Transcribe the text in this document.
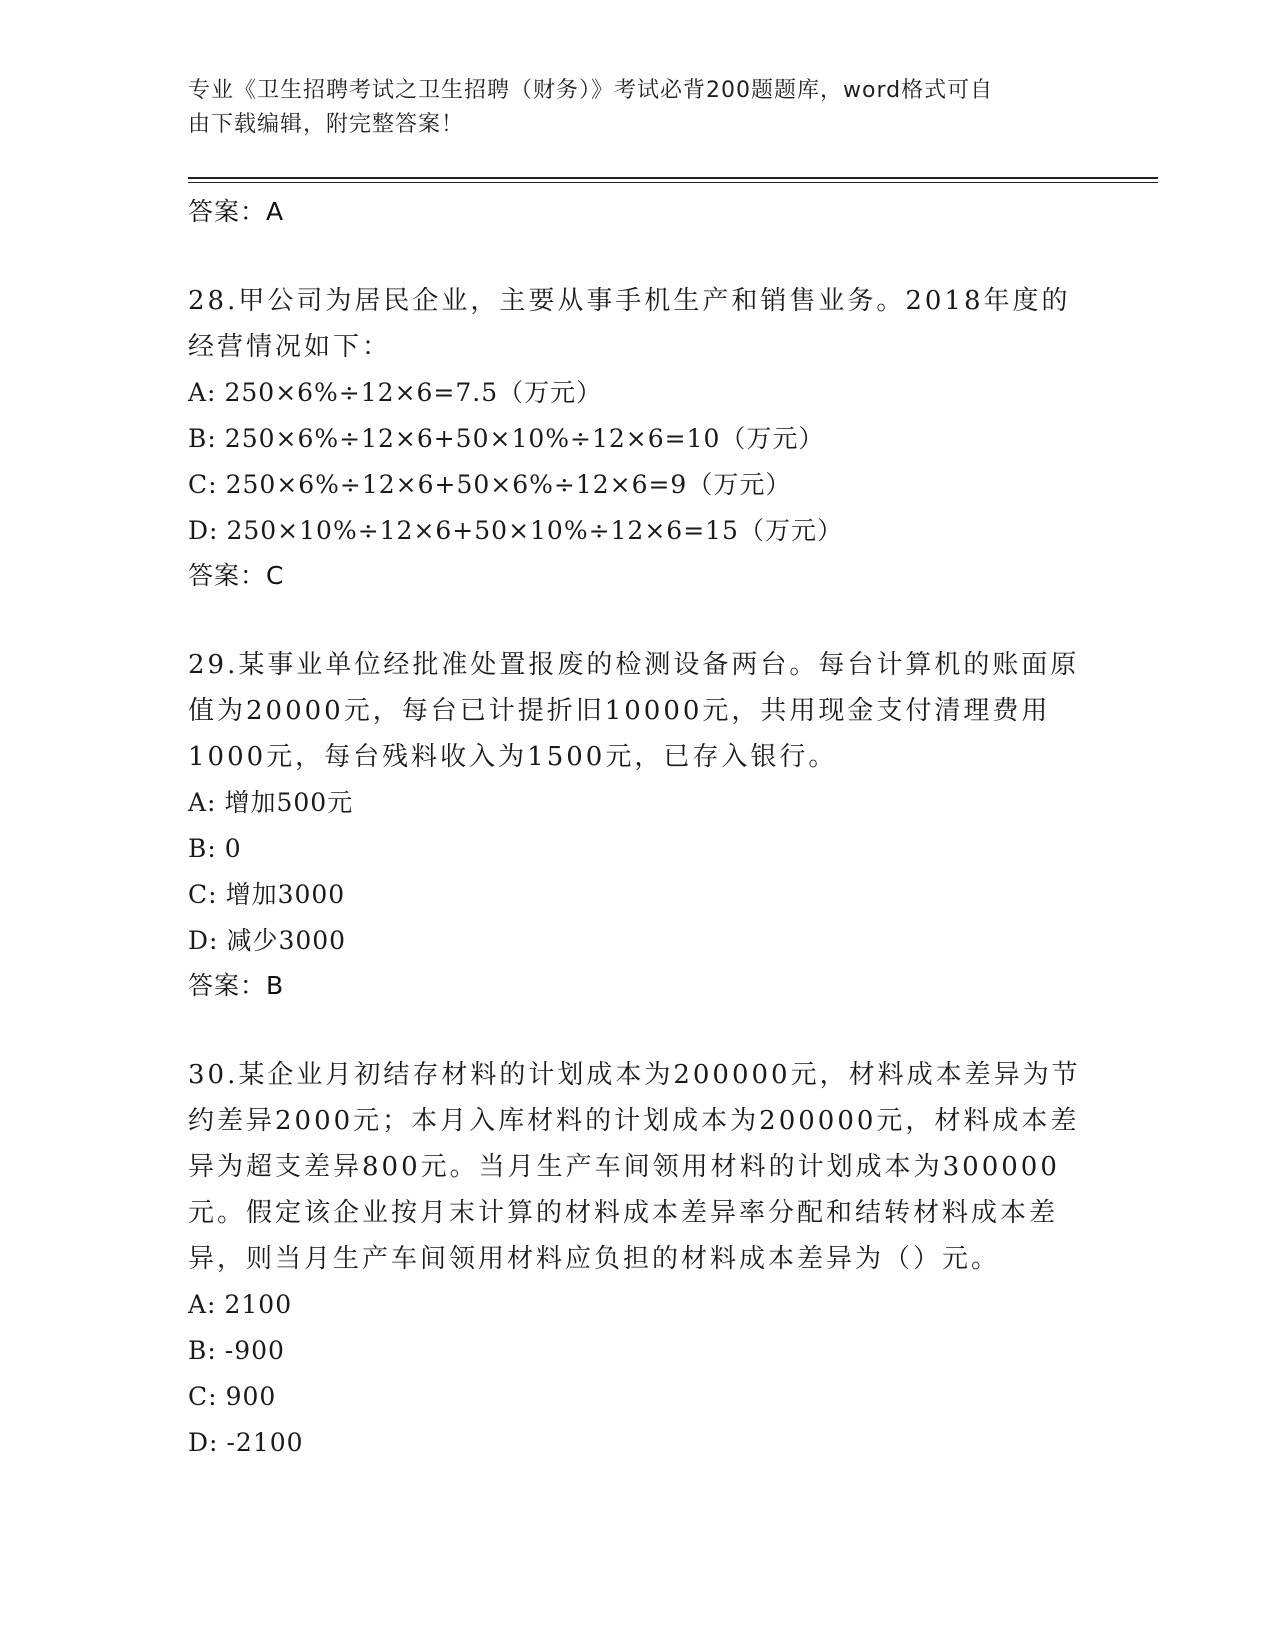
专业《卫生招聘考试之卫生招聘（财务）》考试必背200题题库，word格式可自
由下载编辑，附完整答案！
答案：A
28.甲公司为居民企业，主要从事手机生产和销售业务。2018年度的经营情况如下：
A: 250×6%÷12×6=7.5（万元）
B: 250×6%÷12×6+50×10%÷12×6=10（万元）
C: 250×6%÷12×6+50×6%÷12×6=9（万元）
D: 250×10%÷12×6+50×10%÷12×6=15（万元）
答案：C
29.某事业单位经批准处置报废的检测设备两台。每台计算机的账面原值为20000元，每台已计提折旧10000元，共用现金支付清理费用1000元，每台残料收入为1500元，已存入银行。
A: 增加500元
B: 0
C: 增加3000
D: 减少3000
答案：B
30.某企业月初结存材料的计划成本为200000元，材料成本差异为节约差异2000元；本月入库材料的计划成本为200000元，材料成本差异为超支差异800元。当月生产车间领用材料的计划成本为300000元。假定该企业按月末计算的材料成本差异率分配和结转材料成本差异，则当月生产车间领用材料应负担的材料成本差异为（）元。
A: 2100
B: -900
C: 900
D: -2100
